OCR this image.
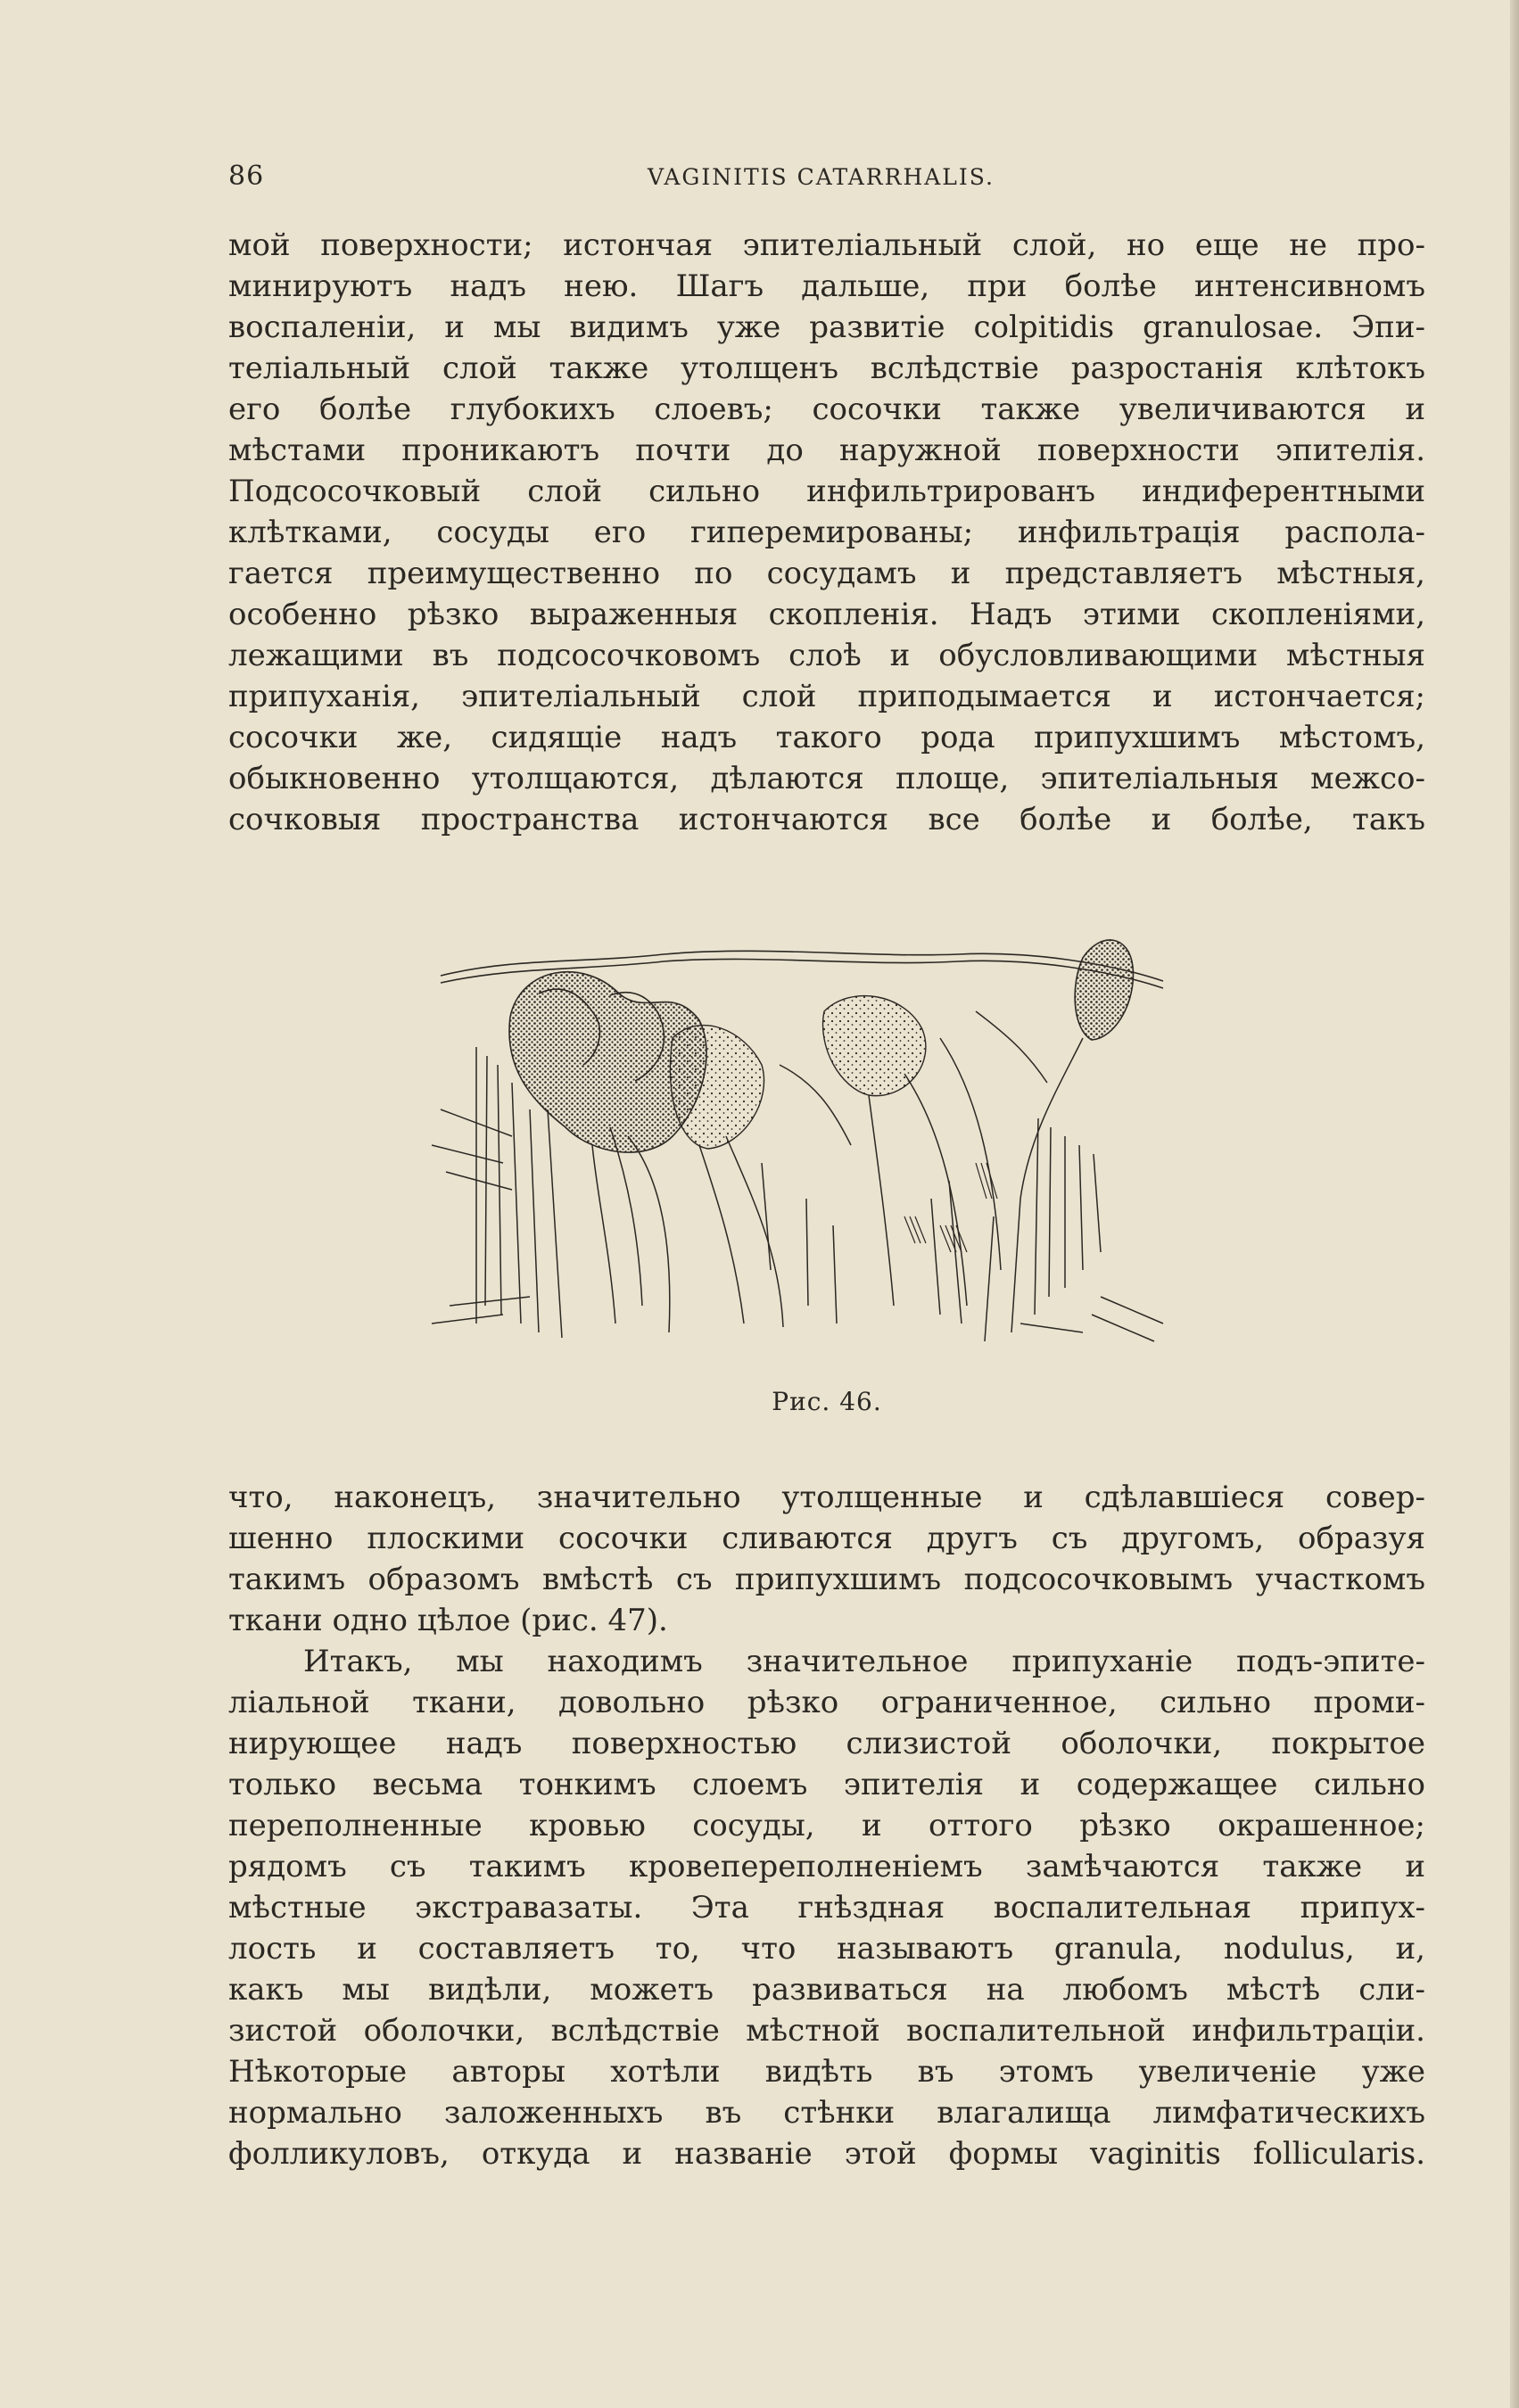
86	VAGINITIS CATARRHALIS.
мой поверхности; истончая эпителiальный слой, но еще не про-
минируютъ надъ нею. Шагъ дальше, при болѣе интенсивномъ
воспаленiи, и мы видимъ уже развитiе colpitidis granulosae. Эпи-
телiальный слой также утолщенъ вслѣдствiе разростанiя клѣтокъ
его болѣе глубокихъ слоевъ; сосочки также увеличиваются и
мѣстами проникаютъ почти до наружной поверхности эпителiя.
Подсосочковый слой сильно инфильтрированъ индиферентными
клѣтками, сосуды его гиперемированы; инфильтрацiя распола-
гается преимущественно по сосудамъ и представляетъ мѣстныя,
особенно рѣзко выраженныя скопленiя. Надъ этими скопленiями,
лежащими въ подсосочковомъ слоѣ и обусловливающими мѣстныя
припуханiя, эпителiальный слой приподымается и истончается;
сосочки же, сидящiе надъ такого рода припухшимъ мѣстомъ,
обыкновенно утолщаются, дѣлаются площе, эпителiальныя межсо-
сочковыя пространства истончаются все болѣе и болѣе, такъ
Рис. 46.
что, наконецъ, значительно утолщенные и сдѣлавшiеся совер-
шенно плоскими сосочки сливаются другъ съ другомъ, образуя
такимъ образомъ вмѣстѣ съ припухшимъ подсосочковымъ участкомъ
ткани одно цѣлое (рис. 47).
Итакъ, мы находимъ значительное припуханiе подъ-эпите-
лiальной ткани, довольно рѣзко ограниченное, сильно проми-
нирующее надъ поверхностью слизистой оболочки, покрытое
только весьма тонкимъ слоемъ эпителiя и содержащее сильно
переполненные кровью сосуды, и оттого рѣзко окрашенное;
рядомъ съ такимъ кровепереполненiемъ замѣчаются также и
мѣстные экстравазаты. Эта гнѣздная воспалительная припух-
лость и составляетъ то, что называютъ granula, nodulus, и,
какъ мы видѣли, можетъ развиваться на любомъ мѣстѣ сли-
зистой оболочки, вслѣдствiе мѣстной воспалительной инфильтрацiи.
Нѣкоторые авторы хотѣли видѣть въ этомъ увеличенiе уже
нормально заложенныхъ въ стѣнки влагалища лимфатическихъ
фолликуловъ, откуда и названiе этой формы vaginitis follicularis.
